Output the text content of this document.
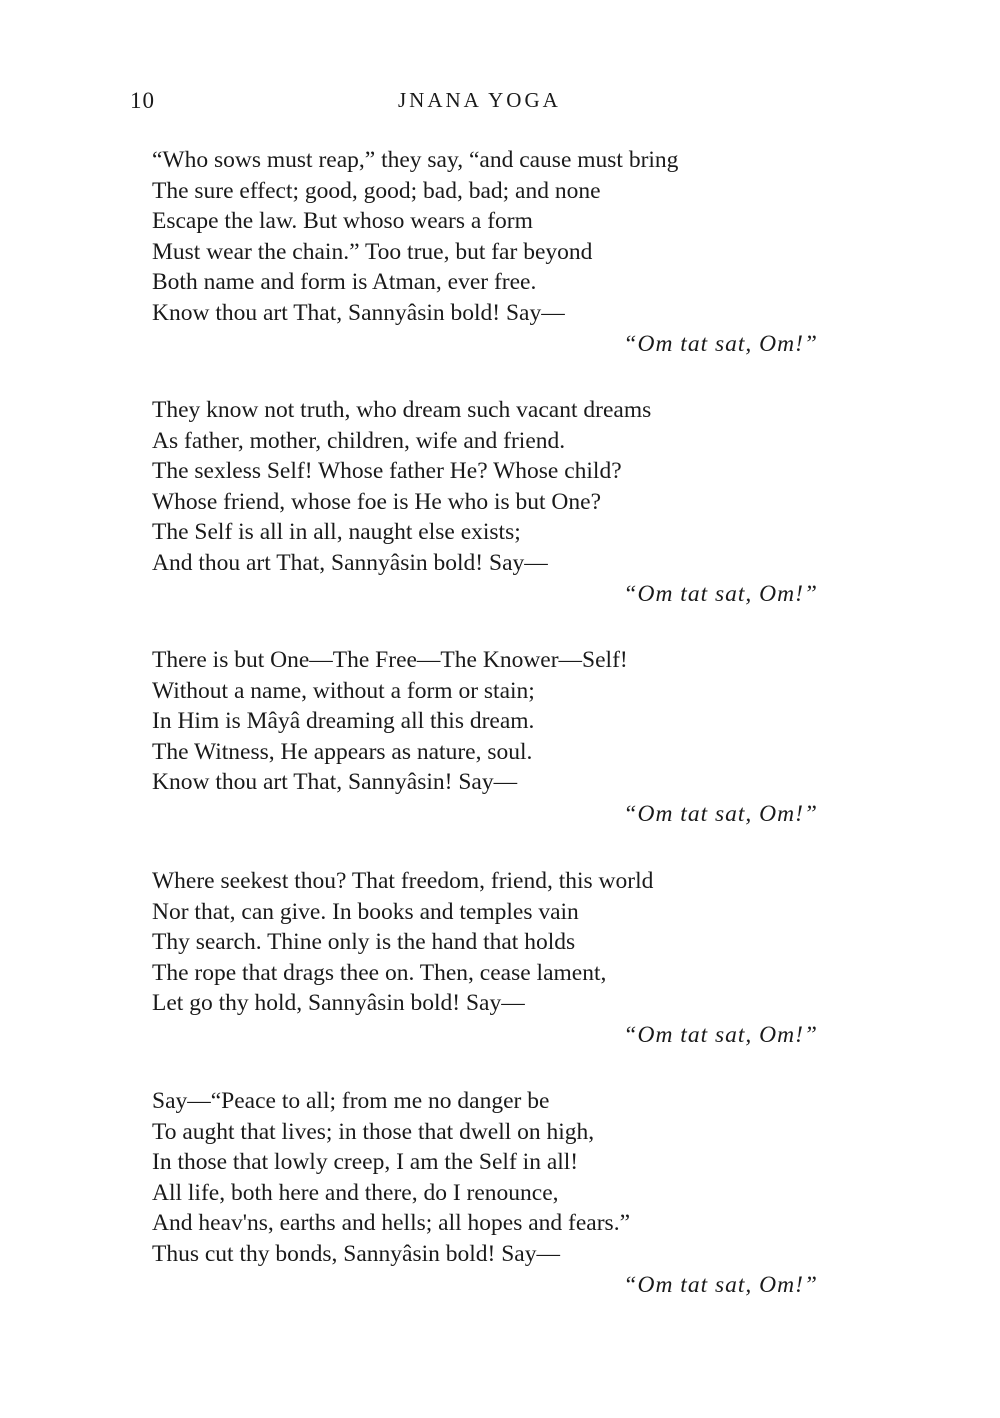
10	JNANA YOGA
“Who sows must reap,” they say, “and cause must bring
The sure effect; good, good; bad, bad; and none
Escape the law. But whoso wears a form
Must wear the chain.” Too true, but far beyond
Both name and form is Atman, ever free.
Know thou art That, Sannyâsin bold! Say—
“Om tat sat, Om!”
They know not truth, who dream such vacant dreams
As father, mother, children, wife and friend.
The sexless Self! Whose father He? Whose child?
Whose friend, whose foe is He who is but One?
The Self is all in all, naught else exists;
And thou art That, Sannyâsin bold! Say—
“Om tat sat, Om!”
There is but One—The Free—The Knower—Self!
Without a name, without a form or stain;
In Him is Mâyâ dreaming all this dream.
The Witness, He appears as nature, soul.
Know thou art That, Sannyâsin! Say—
“Om tat sat, Om!”
Where seekest thou? That freedom, friend, this world
Nor that, can give. In books and temples vain
Thy search. Thine only is the hand that holds
The rope that drags thee on. Then, cease lament,
Let go thy hold, Sannyâsin bold! Say—
“Om tat sat, Om!”
Say—“Peace to all; from me no danger be
To aught that lives; in those that dwell on high,
In those that lowly creep, I am the Self in all!
All life, both here and there, do I renounce,
And heav'ns, earths and hells; all hopes and fears.”
Thus cut thy bonds, Sannyâsin bold! Say—
“Om tat sat, Om!”
